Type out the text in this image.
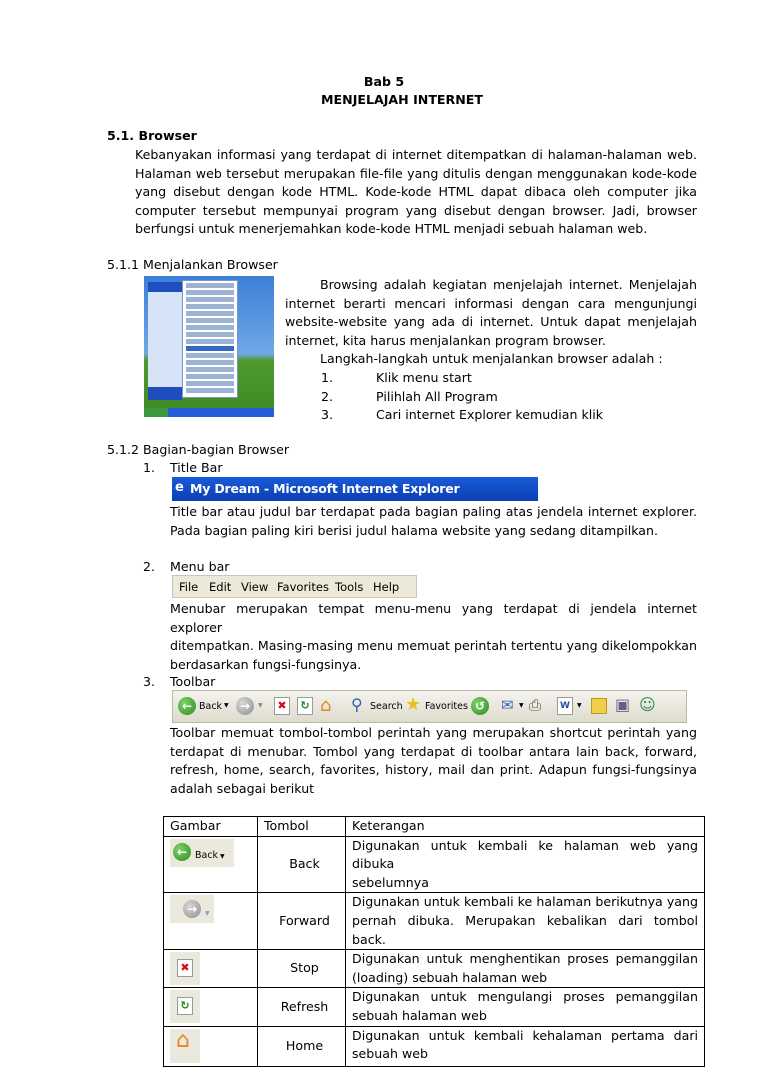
Bab 5
MENJELAJAH INTERNET
5.1. Browser
Kebanyakan informasi yang terdapat di internet ditempatkan di halaman-halaman web.
Halaman web tersebut merupakan file-file yang ditulis dengan menggunakan kode-kode
yang disebut dengan kode HTML. Kode-kode HTML dapat dibaca oleh computer jika
computer tersebut mempunyai program yang disebut dengan browser. Jadi, browser
berfungsi untuk menerjemahkan kode-kode HTML menjadi sebuah halaman web.
5.1.1 Menjalankan Browser
Browsing adalah kegiatan menjelajah internet. Menjelajah
internet berarti mencari informasi dengan cara mengunjungi
website-website yang ada di internet. Untuk dapat menjelajah
internet, kita harus menjalankan program browser.
Langkah-langkah untuk menjalankan browser adalah :
1.	Klik menu start
2.	Pilihlah All Program
3.	Cari internet Explorer kemudian klik
5.1.2 Bagian-bagian Browser
1. Title Bar
e My Dream - Microsoft Internet Explorer
Title bar atau judul bar terdapat pada bagian paling atas jendela internet explorer.
Pada bagian paling kiri berisi judul halama website yang sedang ditampilkan.
2. Menu bar
File Edit View Favorites Tools Help
Menubar merupakan tempat menu-menu yang terdapat di jendela internet explorer
ditempatkan. Masing-masing menu memuat perintah tertentu yang dikelompokkan
berdasarkan fungsi-fungsinya.
3. Toolbar
← Back ▼ →	▼	✖	↻ ⌂ ⚲ Search ★ Favorites ↺ ✉ ▼ ⎙	W	▼ ▣ ☺
Toolbar memuat tombol-tombol perintah yang merupakan shortcut perintah yang
terdapat di menubar. Tombol yang terdapat di toolbar antara lain back, forward,
refresh, home, search, favorites, history, mail dan print. Adapun fungsi-fungsinya
adalah sebagai berikut
Gambar	Tombol	Keterangan

← Back ▼	Back	Digunakan untuk kembali ke halaman web yang dibuka
sebelumnya

→ ▼	Forward	Digunakan untuk kembali ke halaman berikutnya yang
pernah dibuka. Merupakan kebalikan dari tombol back.

✖	Stop	Digunakan untuk menghentikan proses pemanggilan
(loading) sebuah halaman web

↻	Refresh	Digunakan untuk mengulangi proses pemanggilan
sebuah halaman web

⌂	Home	Digunakan untuk kembali kehalaman pertama dari
sebuah web
